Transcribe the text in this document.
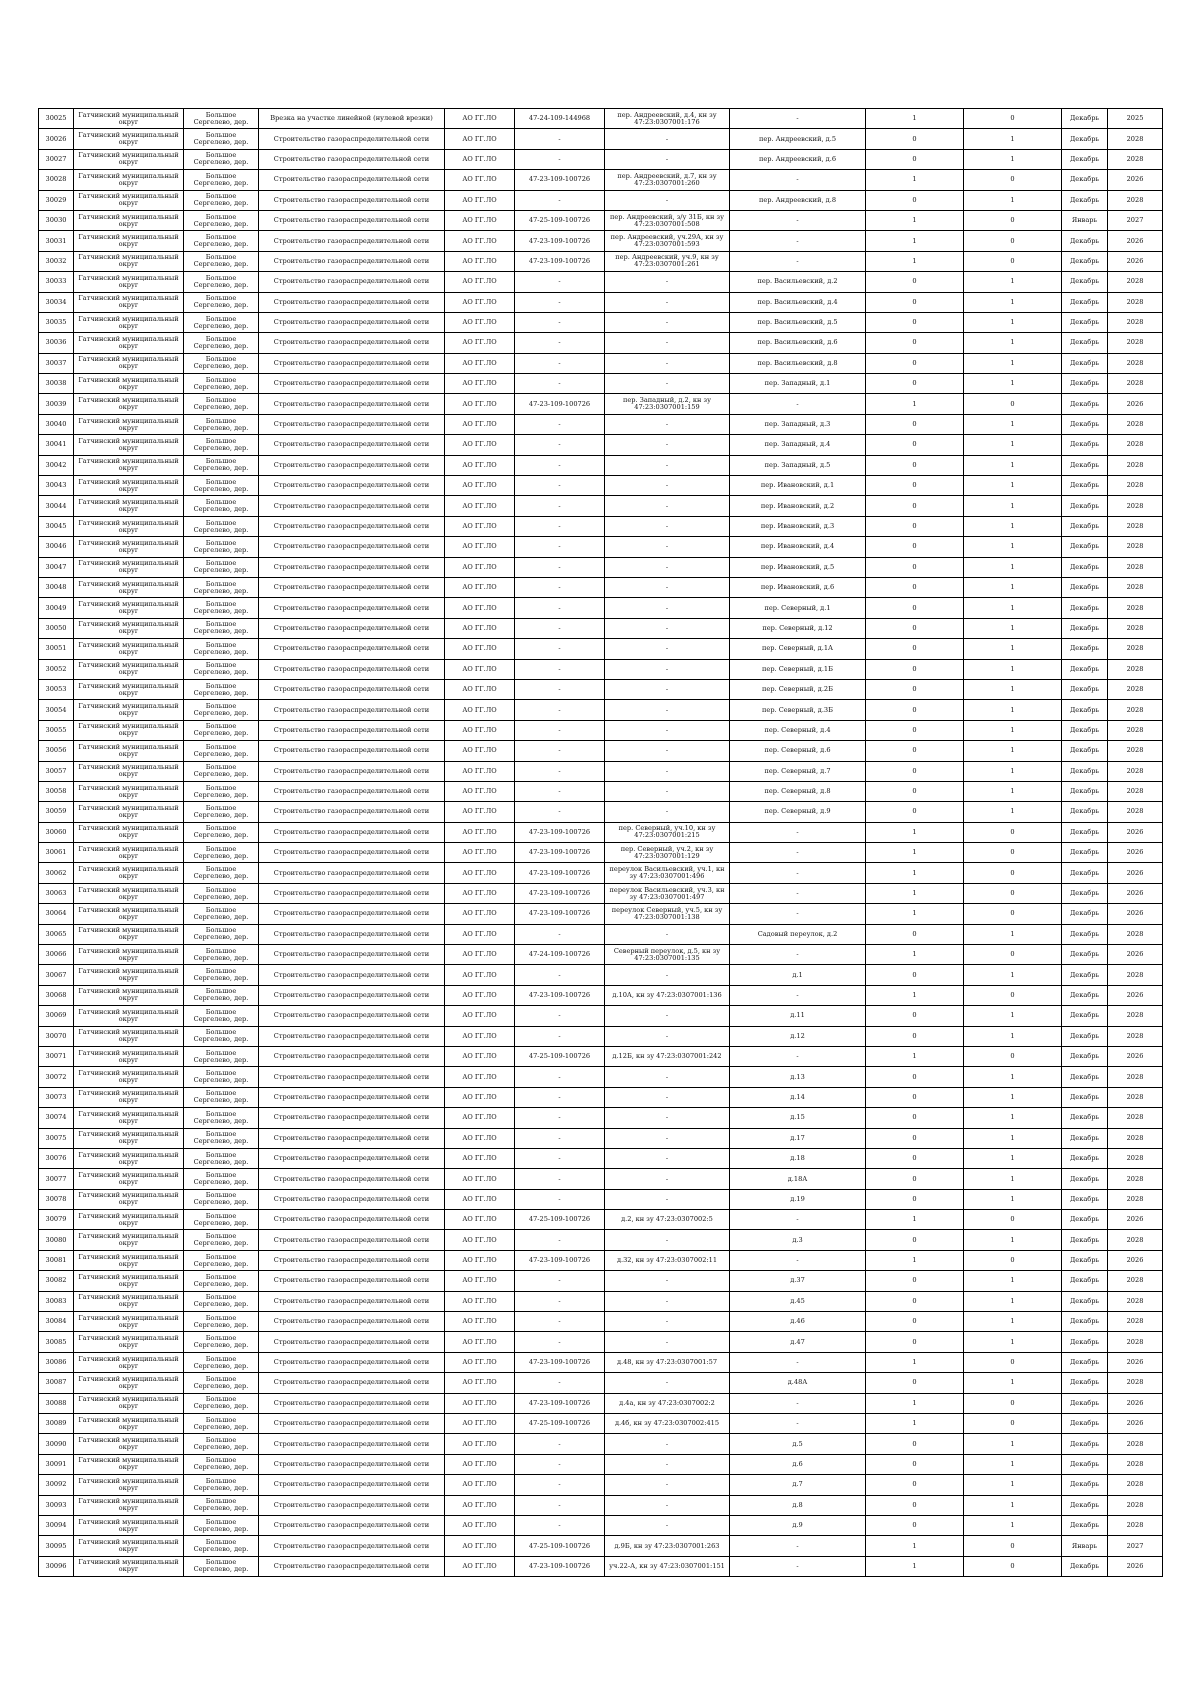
30025	Гатчинский муниципальный округ	Большое Сергелево, дер.	Врезка на участке линейной (нулевой врезки)	АО ГГ.ЛО	47-24-109-144968	пер. Андреевский, д.4, кн зу 47:23:0307001:176	-	1	0	Декабрь	2025
30026	Гатчинский муниципальный округ	Большое Сергелево, дер.	Строительство газораспределительной сети	АО ГГ.ЛО	-	-	пер. Андреевский, д.5	0	1	Декабрь	2028
30027	Гатчинский муниципальный округ	Большое Сергелево, дер.	Строительство газораспределительной сети	АО ГГ.ЛО	-	-	пер. Андреевский, д.6	0	1	Декабрь	2028
30028	Гатчинский муниципальный округ	Большое Сергелево, дер.	Строительство газораспределительной сети	АО ГГ.ЛО	47-23-109-100726	пер. Андреевский, д.7, кн зу 47:23:0307001:260	-	1	0	Декабрь	2026
30029	Гатчинский муниципальный округ	Большое Сергелево, дер.	Строительство газораспределительной сети	АО ГГ.ЛО	-	-	пер. Андреевский, д.8	0	1	Декабрь	2028
30030	Гатчинский муниципальный округ	Большое Сергелево, дер.	Строительство газораспределительной сети	АО ГГ.ЛО	47-25-109-100726	пер. Андреевский, з/у 31Б, кн зу 47:23:0307001:508	-	1	0	Январь	2027
30031	Гатчинский муниципальный округ	Большое Сергелево, дер.	Строительство газораспределительной сети	АО ГГ.ЛО	47-23-109-100726	пер. Андреевский, уч.29А, кн зу 47:23:0307001:593	-	1	0	Декабрь	2026
30032	Гатчинский муниципальный округ	Большое Сергелево, дер.	Строительство газораспределительной сети	АО ГГ.ЛО	47-23-109-100726	пер. Андреевский, уч.9, кн зу 47:23:0307001:261	-	1	0	Декабрь	2026
30033	Гатчинский муниципальный округ	Большое Сергелево, дер.	Строительство газораспределительной сети	АО ГГ.ЛО	-	-	пер. Васильевский, д.2	0	1	Декабрь	2028
30034	Гатчинский муниципальный округ	Большое Сергелево, дер.	Строительство газораспределительной сети	АО ГГ.ЛО	-	-	пер. Васильевский, д.4	0	1	Декабрь	2028
30035	Гатчинский муниципальный округ	Большое Сергелево, дер.	Строительство газораспределительной сети	АО ГГ.ЛО	-	-	пер. Васильевский, д.5	0	1	Декабрь	2028
30036	Гатчинский муниципальный округ	Большое Сергелево, дер.	Строительство газораспределительной сети	АО ГГ.ЛО	-	-	пер. Васильевский, д.6	0	1	Декабрь	2028
30037	Гатчинский муниципальный округ	Большое Сергелево, дер.	Строительство газораспределительной сети	АО ГГ.ЛО	-	-	пер. Васильевский, д.8	0	1	Декабрь	2028
30038	Гатчинский муниципальный округ	Большое Сергелево, дер.	Строительство газораспределительной сети	АО ГГ.ЛО	-	-	пер. Западный, д.1	0	1	Декабрь	2028
30039	Гатчинский муниципальный округ	Большое Сергелево, дер.	Строительство газораспределительной сети	АО ГГ.ЛО	47-23-109-100726	пер. Западный, д.2, кн зу 47:23:0307001:159	-	1	0	Декабрь	2026
30040	Гатчинский муниципальный округ	Большое Сергелево, дер.	Строительство газораспределительной сети	АО ГГ.ЛО	-	-	пер. Западный, д.3	0	1	Декабрь	2028
30041	Гатчинский муниципальный округ	Большое Сергелево, дер.	Строительство газораспределительной сети	АО ГГ.ЛО	-	-	пер. Западный, д.4	0	1	Декабрь	2028
30042	Гатчинский муниципальный округ	Большое Сергелево, дер.	Строительство газораспределительной сети	АО ГГ.ЛО	-	-	пер. Западный, д.5	0	1	Декабрь	2028
30043	Гатчинский муниципальный округ	Большое Сергелево, дер.	Строительство газораспределительной сети	АО ГГ.ЛО	-	-	пер. Ивановский, д.1	0	1	Декабрь	2028
30044	Гатчинский муниципальный округ	Большое Сергелево, дер.	Строительство газораспределительной сети	АО ГГ.ЛО	-	-	пер. Ивановский, д.2	0	1	Декабрь	2028
30045	Гатчинский муниципальный округ	Большое Сергелево, дер.	Строительство газораспределительной сети	АО ГГ.ЛО	-	-	пер. Ивановский, д.3	0	1	Декабрь	2028
30046	Гатчинский муниципальный округ	Большое Сергелево, дер.	Строительство газораспределительной сети	АО ГГ.ЛО	-	-	пер. Ивановский, д.4	0	1	Декабрь	2028
30047	Гатчинский муниципальный округ	Большое Сергелево, дер.	Строительство газораспределительной сети	АО ГГ.ЛО	-	-	пер. Ивановский, д.5	0	1	Декабрь	2028
30048	Гатчинский муниципальный округ	Большое Сергелево, дер.	Строительство газораспределительной сети	АО ГГ.ЛО	-	-	пер. Ивановский, д.6	0	1	Декабрь	2028
30049	Гатчинский муниципальный округ	Большое Сергелево, дер.	Строительство газораспределительной сети	АО ГГ.ЛО	-	-	пер. Северный, д.1	0	1	Декабрь	2028
30050	Гатчинский муниципальный округ	Большое Сергелево, дер.	Строительство газораспределительной сети	АО ГГ.ЛО	-	-	пер. Северный, д.12	0	1	Декабрь	2028
30051	Гатчинский муниципальный округ	Большое Сергелево, дер.	Строительство газораспределительной сети	АО ГГ.ЛО	-	-	пер. Северный, д.1А	0	1	Декабрь	2028
30052	Гатчинский муниципальный округ	Большое Сергелево, дер.	Строительство газораспределительной сети	АО ГГ.ЛО	-	-	пер. Северный, д.1Б	0	1	Декабрь	2028
30053	Гатчинский муниципальный округ	Большое Сергелево, дер.	Строительство газораспределительной сети	АО ГГ.ЛО	-	-	пер. Северный, д.2Б	0	1	Декабрь	2028
30054	Гатчинский муниципальный округ	Большое Сергелево, дер.	Строительство газораспределительной сети	АО ГГ.ЛО	-	-	пер. Северный, д.3Б	0	1	Декабрь	2028
30055	Гатчинский муниципальный округ	Большое Сергелево, дер.	Строительство газораспределительной сети	АО ГГ.ЛО	-	-	пер. Северный, д.4	0	1	Декабрь	2028
30056	Гатчинский муниципальный округ	Большое Сергелево, дер.	Строительство газораспределительной сети	АО ГГ.ЛО	-	-	пер. Северный, д.6	0	1	Декабрь	2028
30057	Гатчинский муниципальный округ	Большое Сергелево, дер.	Строительство газораспределительной сети	АО ГГ.ЛО	-	-	пер. Северный, д.7	0	1	Декабрь	2028
30058	Гатчинский муниципальный округ	Большое Сергелево, дер.	Строительство газораспределительной сети	АО ГГ.ЛО	-	-	пер. Северный, д.8	0	1	Декабрь	2028
30059	Гатчинский муниципальный округ	Большое Сергелево, дер.	Строительство газораспределительной сети	АО ГГ.ЛО	-	-	пер. Северный, д.9	0	1	Декабрь	2028
30060	Гатчинский муниципальный округ	Большое Сергелево, дер.	Строительство газораспределительной сети	АО ГГ.ЛО	47-23-109-100726	пер. Северный, уч.10, кн зу 47:23:0307001:215	-	1	0	Декабрь	2026
30061	Гатчинский муниципальный округ	Большое Сергелево, дер.	Строительство газораспределительной сети	АО ГГ.ЛО	47-23-109-100726	пер. Северный, уч.2, кн зу 47:23:0307001:129	-	1	0	Декабрь	2026
30062	Гатчинский муниципальный округ	Большое Сергелево, дер.	Строительство газораспределительной сети	АО ГГ.ЛО	47-23-109-100726	переулок Васильевский, уч.1, кн зу 47:23:0307001:496	-	1	0	Декабрь	2026
30063	Гатчинский муниципальный округ	Большое Сергелево, дер.	Строительство газораспределительной сети	АО ГГ.ЛО	47-23-109-100726	переулок Васильевский, уч.3, кн зу 47:23:0307001:497	-	1	0	Декабрь	2026
30064	Гатчинский муниципальный округ	Большое Сергелево, дер.	Строительство газораспределительной сети	АО ГГ.ЛО	47-23-109-100726	переулок Северный, уч.5, кн зу 47:23:0307001:138	-	1	0	Декабрь	2026
30065	Гатчинский муниципальный округ	Большое Сергелево, дер.	Строительство газораспределительной сети	АО ГГ.ЛО	-	-	Садовый переулок, д.2	0	1	Декабрь	2028
30066	Гатчинский муниципальный округ	Большое Сергелево, дер.	Строительство газораспределительной сети	АО ГГ.ЛО	47-24-109-100726	Северный переулок, д.5, кн зу 47:23:0307001:135	-	1	0	Декабрь	2026
30067	Гатчинский муниципальный округ	Большое Сергелево, дер.	Строительство газораспределительной сети	АО ГГ.ЛО	-	-	д.1	0	1	Декабрь	2028
30068	Гатчинский муниципальный округ	Большое Сергелево, дер.	Строительство газораспределительной сети	АО ГГ.ЛО	47-23-109-100726	д.10А, кн зу 47:23:0307001:136	-	1	0	Декабрь	2026
30069	Гатчинский муниципальный округ	Большое Сергелево, дер.	Строительство газораспределительной сети	АО ГГ.ЛО	-	-	д.11	0	1	Декабрь	2028
30070	Гатчинский муниципальный округ	Большое Сергелево, дер.	Строительство газораспределительной сети	АО ГГ.ЛО	-	-	д.12	0	1	Декабрь	2028
30071	Гатчинский муниципальный округ	Большое Сергелево, дер.	Строительство газораспределительной сети	АО ГГ.ЛО	47-25-109-100726	д.12Б, кн зу 47:23:0307001:242	-	1	0	Декабрь	2026
30072	Гатчинский муниципальный округ	Большое Сергелево, дер.	Строительство газораспределительной сети	АО ГГ.ЛО	-	-	д.13	0	1	Декабрь	2028
30073	Гатчинский муниципальный округ	Большое Сергелево, дер.	Строительство газораспределительной сети	АО ГГ.ЛО	-	-	д.14	0	1	Декабрь	2028
30074	Гатчинский муниципальный округ	Большое Сергелево, дер.	Строительство газораспределительной сети	АО ГГ.ЛО	-	-	д.15	0	1	Декабрь	2028
30075	Гатчинский муниципальный округ	Большое Сергелево, дер.	Строительство газораспределительной сети	АО ГГ.ЛО	-	-	д.17	0	1	Декабрь	2028
30076	Гатчинский муниципальный округ	Большое Сергелево, дер.	Строительство газораспределительной сети	АО ГГ.ЛО	-	-	д.18	0	1	Декабрь	2028
30077	Гатчинский муниципальный округ	Большое Сергелево, дер.	Строительство газораспределительной сети	АО ГГ.ЛО	-	-	д.18А	0	1	Декабрь	2028
30078	Гатчинский муниципальный округ	Большое Сергелево, дер.	Строительство газораспределительной сети	АО ГГ.ЛО	-	-	д.19	0	1	Декабрь	2028
30079	Гатчинский муниципальный округ	Большое Сергелево, дер.	Строительство газораспределительной сети	АО ГГ.ЛО	47-25-109-100726	д.2, кн зу 47:23:0307002:5	-	1	0	Декабрь	2026
30080	Гатчинский муниципальный округ	Большое Сергелево, дер.	Строительство газораспределительной сети	АО ГГ.ЛО	-	-	д.3	0	1	Декабрь	2028
30081	Гатчинский муниципальный округ	Большое Сергелево, дер.	Строительство газораспределительной сети	АО ГГ.ЛО	47-23-109-100726	д.32, кн зу 47:23:0307002:11	-	1	0	Декабрь	2026
30082	Гатчинский муниципальный округ	Большое Сергелево, дер.	Строительство газораспределительной сети	АО ГГ.ЛО	-	-	д.37	0	1	Декабрь	2028
30083	Гатчинский муниципальный округ	Большое Сергелево, дер.	Строительство газораспределительной сети	АО ГГ.ЛО	-	-	д.45	0	1	Декабрь	2028
30084	Гатчинский муниципальный округ	Большое Сергелево, дер.	Строительство газораспределительной сети	АО ГГ.ЛО	-	-	д.46	0	1	Декабрь	2028
30085	Гатчинский муниципальный округ	Большое Сергелево, дер.	Строительство газораспределительной сети	АО ГГ.ЛО	-	-	д.47	0	1	Декабрь	2028
30086	Гатчинский муниципальный округ	Большое Сергелево, дер.	Строительство газораспределительной сети	АО ГГ.ЛО	47-23-109-100726	д.48, кн зу 47:23:0307001:57	-	1	0	Декабрь	2026
30087	Гатчинский муниципальный округ	Большое Сергелево, дер.	Строительство газораспределительной сети	АО ГГ.ЛО	-	-	д.48А	0	1	Декабрь	2028
30088	Гатчинский муниципальный округ	Большое Сергелево, дер.	Строительство газораспределительной сети	АО ГГ.ЛО	47-23-109-100726	д.4а, кн зу 47:23:0307002:2	-	1	0	Декабрь	2026
30089	Гатчинский муниципальный округ	Большое Сергелево, дер.	Строительство газораспределительной сети	АО ГГ.ЛО	47-25-109-100726	д.4б, кн зу 47:23:0307002:415	-	1	0	Декабрь	2026
30090	Гатчинский муниципальный округ	Большое Сергелево, дер.	Строительство газораспределительной сети	АО ГГ.ЛО	-	-	д.5	0	1	Декабрь	2028
30091	Гатчинский муниципальный округ	Большое Сергелево, дер.	Строительство газораспределительной сети	АО ГГ.ЛО	-	-	д.6	0	1	Декабрь	2028
30092	Гатчинский муниципальный округ	Большое Сергелево, дер.	Строительство газораспределительной сети	АО ГГ.ЛО	-	-	д.7	0	1	Декабрь	2028
30093	Гатчинский муниципальный округ	Большое Сергелево, дер.	Строительство газораспределительной сети	АО ГГ.ЛО	-	-	д.8	0	1	Декабрь	2028
30094	Гатчинский муниципальный округ	Большое Сергелево, дер.	Строительство газораспределительной сети	АО ГГ.ЛО	-	-	д.9	0	1	Декабрь	2028
30095	Гатчинский муниципальный округ	Большое Сергелево, дер.	Строительство газораспределительной сети	АО ГГ.ЛО	47-25-109-100726	д.9Б, кн зу 47:23:0307001:263	-	1	0	Январь	2027
30096	Гатчинский муниципальный округ	Большое Сергелево, дер.	Строительство газораспределительной сети	АО ГГ.ЛО	47-23-109-100726	уч.22-А, кн зу 47:23:0307001:151	-	1	0	Декабрь	2026
